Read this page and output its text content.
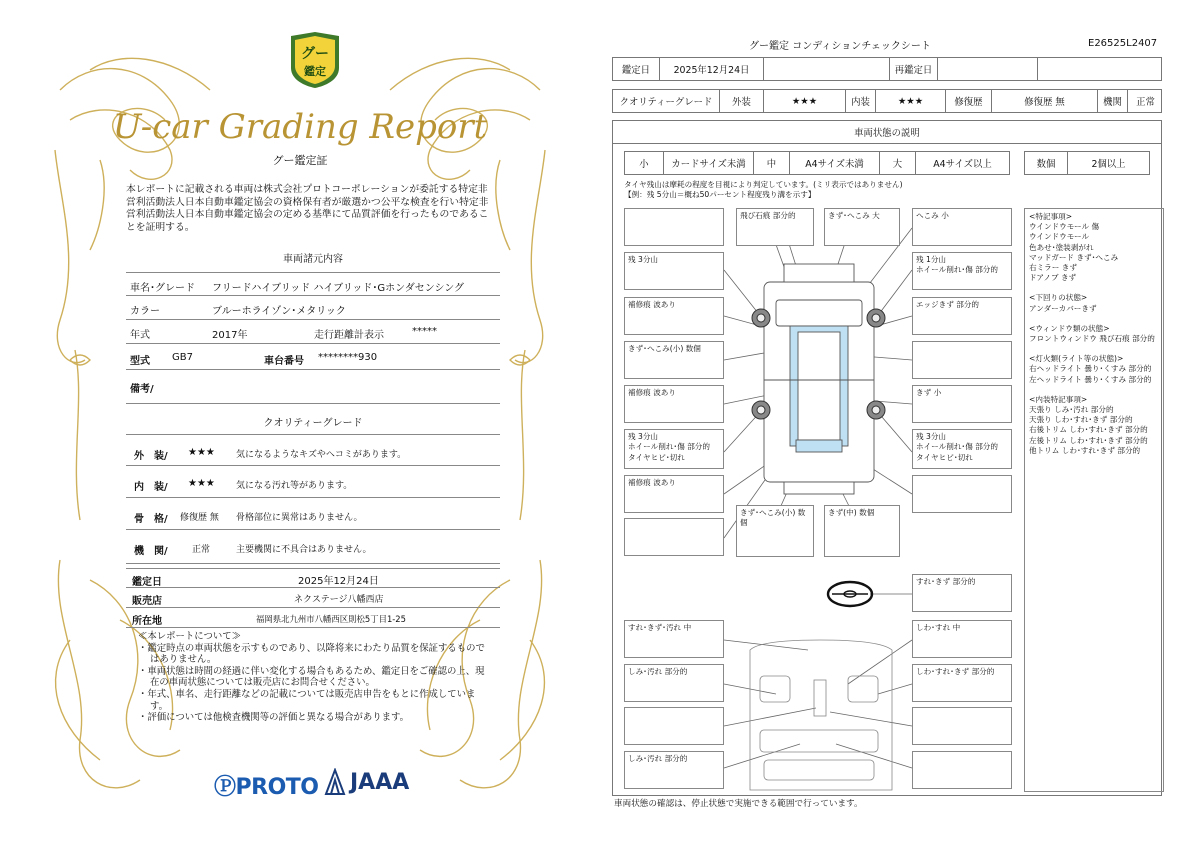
グー
鑑定
U-car Grading Report
グー鑑定証
本レポートに記載される車両は株式会社プロトコーポレーションが委託する特定非営利活動法人日本自動車鑑定協会の資格保有者が厳選かつ公平な検査を行い特定非営利活動法人日本自動車鑑定協会の定める基準にて品質評価を行ったものであることを証明する。
車両諸元内容
車名･グレード フリードハイブリッド ハイブリッド･Gホンダセンシング
カラー	ブルーホライゾン･メタリック
年式	2017年	走行距離計表示	*****
型式 GB7	車台番号 ********930
備考/
クオリティーグレード
外　装/ ★★★ 気になるようなキズやヘコミがあります。
内　装/ ★★★ 気になる汚れ等があります。
骨　格/ 修復歴 無 骨格部位に異常はありません。
機　関/	正常	主要機関に不具合はありません。
鑑定日	2025年12月24日
販売店	ネクステージ八幡西店
所在地	福岡県北九州市八幡西区則松5丁目1-25
≪本レポートについて≫
・鑑定時点の車両状態を示すものであり、以降将来にわたり品質を保証するものではありません。
・車両状態は時間の経過に伴い変化する場合もあるため、鑑定日をご確認の上、現在の車両状態については販売店にお問合せください。
・年式、車名、走行距離などの記載については販売店申告をもとに作成しています。
・評価については他検査機関等の評価と異なる場合があります。
ⓅPROTO JAAA
グー鑑定 コンディションチェックシート	E26525L2407
鑑定日	2025年12月24日	再鑑定日
クオリティーグレード	外装	★★★	内装	★★★	修復歴	修復歴 無	機関	正常
車両状態の説明
小	カードサイズ未満	中	A4サイズ未満	大	A4サイズ以上	数個	2個以上
タイヤ残山は摩耗の程度を目視により判定しています。(ミリ表示ではありません)
【例：残 5分山＝概ね50パーセント程度残り溝を示す】
飛び石痕 部分的	きず･へこみ 大	へこみ 小
残 3分山
補修痕 波あり
きず･へこみ(小) 数個
補修痕 波あり
残 3分山
ホイール削れ･傷 部分的
タイヤヒビ･切れ
補修痕 波あり
残 1分山
ホイール削れ･傷 部分的
エッジきず 部分的
きず 小
残 3分山
ホイール削れ･傷 部分的
タイヤヒビ･切れ
きず･へこみ(小) 数個
きず(中) 数個
すれ･きず 部分的
すれ･きず･汚れ 中
しみ･汚れ 部分的
しみ･汚れ 部分的
しわ･すれ 中
しわ･すれ･きず 部分的

<特記事項>
ウインドウモール 傷
ウインドウモール
色あせ･塗装剥がれ
マッドガード きず･へこみ
右ミラー きず
ドアノブ きず

<下回りの状態>
アンダーカバーきず

<ウィンドウ類の状態>
フロントウィンドウ 飛び石痕 部分的

<灯火類(ライト等の状態)>
右ヘッドライト 曇り･くすみ 部分的
左ヘッドライト 曇り･くすみ 部分的

<内装特記事項>
天張り しみ･汚れ 部分的
天張り しわ･すれ･きず 部分的
右後トリム しわ･すれ･きず 部分的
左後トリム しわ･すれ･きず 部分的
他トリム しわ･すれ･きず 部分的

車両状態の確認は、停止状態で実施できる範囲で行っています。
